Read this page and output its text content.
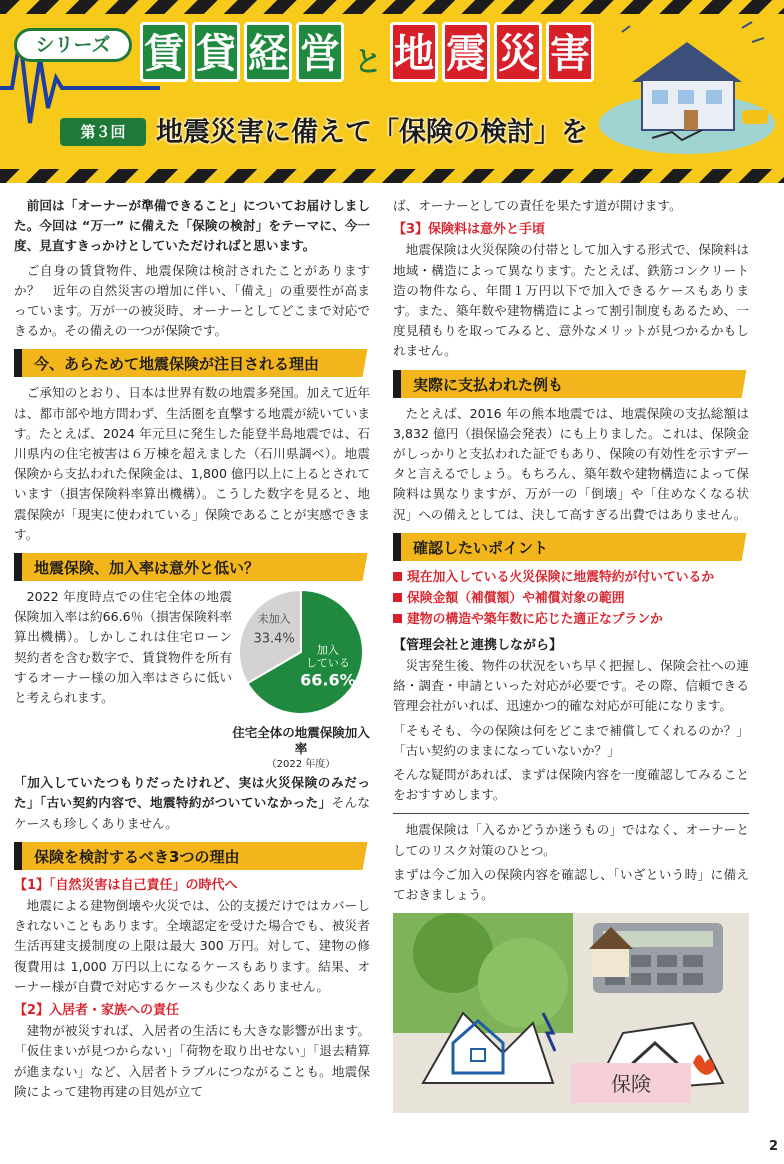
シリーズ 賃 貸 経 営 と 地 震 災 害
第３回	地震災害に備えて「保険の検討」を

前回は「オーナーが準備できること」についてお届けしました。今回は “万一” に備えた「保険の検討」をテーマに、今一度、見直すきっかけとしていただければと思います。

ご自身の賃貸物件、地震保険は検討されたことがありますか？　近年の自然災害の増加に伴い、「備え」の重要性が高まっています。万が一の被災時、オーナーとしてどこまで対応できるか。その備えの一つが保険です。

今、あらためて地震保険が注目される理由

ご承知のとおり、日本は世界有数の地震多発国。加えて近年は、都市部や地方問わず、生活圏を直撃する地震が続いています。たとえば、2024 年元旦に発生した能登半島地震では、石川県内の住宅被害は６万棟を超えました（石川県調べ）。地震保険から支払われた保険金は、1,800 億円以上に上るとされています（損害保険料率算出機構）。こうした数字を見ると、地震保険が「現実に使われている」保険であることが実感できます。

地震保険、加入率は意外と低い？

2022 年度時点での住宅全体の地震保険加入率は約66.6％（損害保険料率算出機構）。しかしこれは住宅ローン契約者を含む数字で、賃貸物件を所有するオーナー様の加入率はさらに低いと考えられます。

加入
している
66.6%
未加入
33.4%
住宅全体の地震保険加入率
（2022 年度）

「加入していたつもりだったけれど、実は火災保険のみだった」「古い契約内容で、地震特約がついていなかった」そんなケースも珍しくありません。

保険を検討するべき3つの理由
【1】「自然災害は自己責任」の時代へ

地震による建物倒壊や火災では、公的支援だけではカバーしきれないこともあります。全壊認定を受けた場合でも、被災者生活再建支援制度の上限は最大 300 万円。対して、建物の修復費用は 1,000 万円以上になるケースもあります。結果、オーナー様が自費で対応するケースも少なくありません。

【2】入居者・家族への責任

建物が被災すれば、入居者の生活にも大きな影響が出ます。「仮住まいが見つからない」「荷物を取り出せない」「退去精算が進まない」など、入居者トラブルにつながることも。地震保険によって建物再建の目処が立て

ば、オーナーとしての責任を果たす道が開けます。

【3】保険料は意外と手頃

地震保険は火災保険の付帯として加入する形式で、保険料は地域・構造によって異なります。たとえば、鉄筋コンクリート造の物件なら、年間１万円以下で加入できるケースもあります。また、築年数や建物構造によって割引制度もあるため、一度見積もりを取ってみると、意外なメリットが見つかるかもしれません。

実際に支払われた例も

たとえば、2016 年の熊本地震では、地震保険の支払総額は 3,832 億円（損保協会発表）にも上りました。これは、保険金がしっかりと支払われた証でもあり、保険の有効性を示すデータと言えるでしょう。もちろん、築年数や建物構造によって保険料は異なりますが、万が一の「倒壊」や「住めなくなる状況」への備えとしては、決して高すぎる出費ではありません。

確認したいポイント
現在加入している火災保険に地震特約が付いているか
保険金額（補償額）や補償対象の範囲
建物の構造や築年数に応じた適正なプランか
【管理会社と連携しながら】

災害発生後、物件の状況をいち早く把握し、保険会社への連絡・調査・申請といった対応が必要です。その際、信頼できる管理会社がいれば、迅速かつ的確な対応が可能になります。

「そもそも、今の保険は何をどこまで補償してくれるのか？」「古い契約のままになっていないか？」

そんな疑問があれば、まずは保険内容を一度確認してみることをおすすめします。

地震保険は「入るかどうか迷うもの」ではなく、オーナーとしてのリスク対策のひとつ。

まずは今ご加入の保険内容を確認し、「いざという時」に備えておきましょう。

保険
2
